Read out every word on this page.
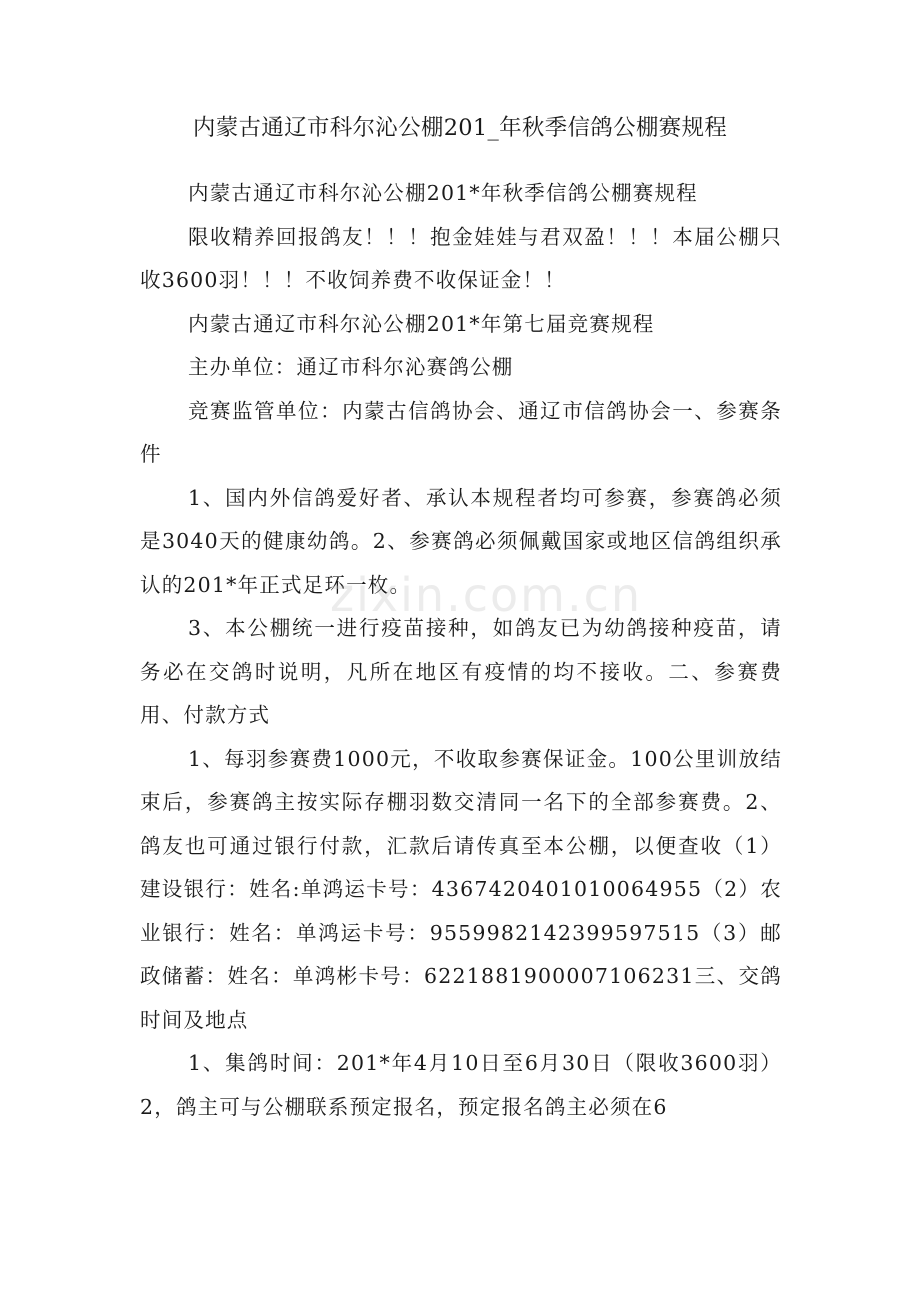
内蒙古通辽市科尔沁公棚201_年秋季信鸽公棚赛规程

内蒙古通辽市科尔沁公棚201*年秋季信鸽公棚赛规程

限收精养回报鸽友！！！抱金娃娃与君双盈！！！本届公棚只收3600羽！！！不收饲养费不收保证金！！

内蒙古通辽市科尔沁公棚201*年第七届竞赛规程

主办单位：通辽市科尔沁赛鸽公棚

竞赛监管单位：内蒙古信鸽协会、通辽市信鸽协会一、参赛条件

1、国内外信鸽爱好者、承认本规程者均可参赛，参赛鸽必须是3040天的健康幼鸽。2、参赛鸽必须佩戴国家或地区信鸽组织承认的201*年正式足环一枚。

3、本公棚统一进行疫苗接种，如鸽友已为幼鸽接种疫苗，请务必在交鸽时说明，凡所在地区有疫情的均不接收。二、参赛费用、付款方式

1、每羽参赛费1000元，不收取参赛保证金。100公里训放结束后，参赛鸽主按实际存棚羽数交清同一名下的全部参赛费。2、鸽友也可通过银行付款，汇款后请传真至本公棚，以便查收（1）建设银行：姓名:单鸿运卡号：4367420401010064955（2）农业银行：姓名：单鸿运卡号：9559982142399597515（3）邮政储蓄：姓名：单鸿彬卡号：6221881900007106231三、交鸽时间及地点

1、集鸽时间：201*年4月10日至6月30日（限收3600羽）2，鸽主可与公棚联系预定报名，预定报名鸽主必须在6

zixin.com.cn
